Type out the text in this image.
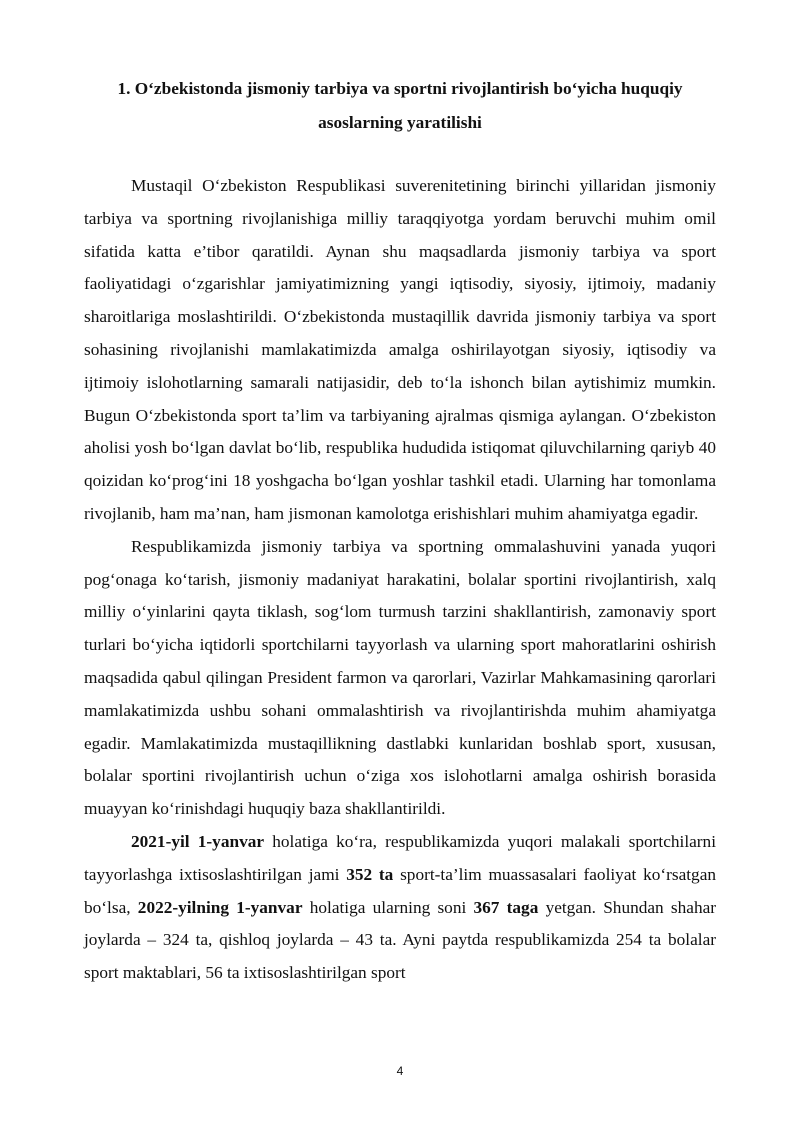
1. O‘zbekistonda jismoniy tarbiya va sportni rivojlantirish bo‘yicha huquqiy
asoslarning yaratilishi

Mustaqil O‘zbekiston Respublikasi suverenitetining birinchi yillaridan jismoniy tarbiya va sportning rivojlanishiga milliy taraqqiyotga yordam beruvchi muhim omil sifatida katta e’tibor qaratildi. Aynan shu maqsadlarda jismoniy tarbiya va sport faoliyatidagi o‘zgarishlar jamiyatimizning yangi iqtisodiy, siyosiy, ijtimoiy, madaniy sharoitlariga moslashtirildi. O‘zbekistonda mustaqillik davrida jismoniy tarbiya va sport sohasining rivojlanishi mamlakatimizda amalga oshirilayotgan siyosiy, iqtisodiy va ijtimoiy islohotlarning samarali natijasidir, deb to‘la ishonch bilan aytishimiz mumkin. Bugun O‘zbekistonda sport ta’lim va tarbiyaning ajralmas qismiga aylangan. O‘zbekiston aholisi yosh bo‘lgan davlat bo‘lib, respublika hududida istiqomat qiluvchilarning qariyb 40 qoizidan ko‘prog‘ini 18 yoshgacha bo‘lgan yoshlar tashkil etadi. Ularning har tomonlama rivojlanib, ham ma’nan, ham jismonan kamolotga erishishlari muhim ahamiyatga egadir.

Respublikamizda jismoniy tarbiya va sportning ommalashuvini yanada yuqori pog‘onaga ko‘tarish, jismoniy madaniyat harakatini, bolalar sportini rivojlantirish, xalq milliy o‘yinlarini qayta tiklash, sog‘lom turmush tarzini shakllantirish, zamonaviy sport turlari bo‘yicha iqtidorli sportchilarni tayyorlash va ularning sport mahoratlarini oshirish maqsadida qabul qilingan President farmon va qarorlari, Vazirlar Mahkamasining qarorlari mamlakatimizda ushbu sohani ommalashtirish va rivojlantirishda muhim ahamiyatga egadir. Mamlakatimizda mustaqillikning dastlabki kunlaridan boshlab sport, xususan, bolalar sportini rivojlantirish uchun o‘ziga xos islohotlarni amalga oshirish borasida muayyan ko‘rinishdagi huquqiy baza shakllantirildi.

2021-yil 1-yanvar holatiga ko‘ra, respublikamizda yuqori malakali sportchilarni tayyorlashga ixtisoslashtirilgan jami 352 ta sport-ta’lim muassasalari faoliyat ko‘rsatgan bo‘lsa, 2022-yilning 1-yanvar holatiga ularning soni 367 taga yetgan. Shundan shahar joylarda – 324 ta, qishloq joylarda – 43 ta. Ayni paytda respublikamizda 254 ta bolalar sport maktablari, 56 ta ixtisoslashtirilgan sport

4
